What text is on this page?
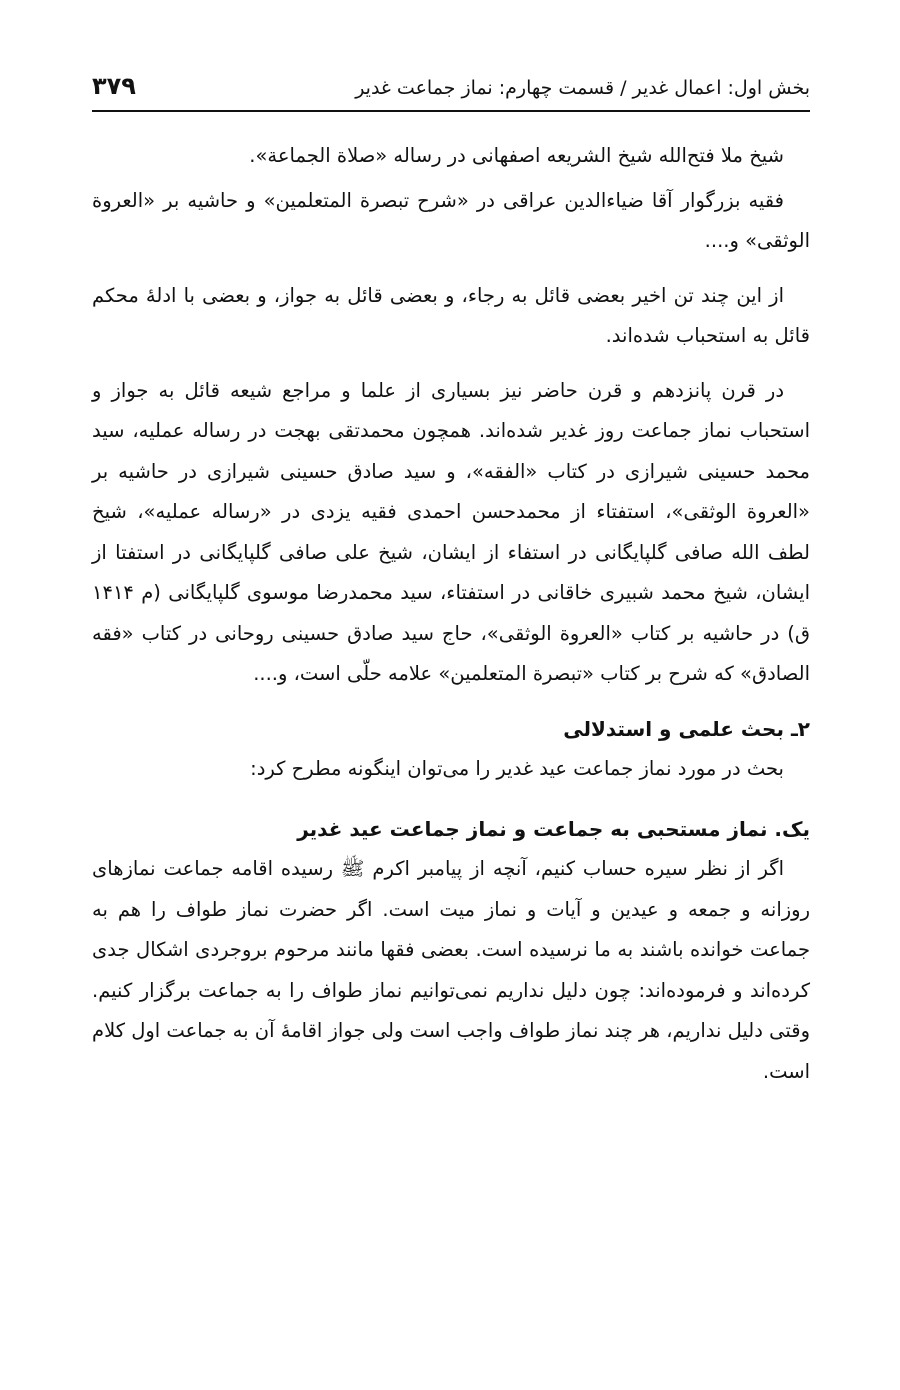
بخش اول: اعمال غدیر / قسمت چهارم: نماز جماعت غدیر
۳۷۹

شیخ ملا فتح‌الله شیخ الشریعه اصفهانی در رساله «صلاة الجماعة».

فقیه بزرگوار آقا ضیاءالدین عراقی در «شرح تبصرة المتعلمین» و حاشیه بر «العروة الوثقی» و....

از این چند تن اخیر بعضی قائل به رجاء، و بعضی قائل به جواز، و بعضی با ادلۀ محکم قائل به استحباب شده‌اند.

در قرن پانزدهم و قرن حاضر نیز بسیاری از علما و مراجع شیعه قائل به جواز و استحباب نماز جماعت روز غدیر شده‌اند. همچون محمدتقی بهجت در رساله عملیه، سید محمد حسینی شیرازی در کتاب «الفقه»، و سید صادق حسینی شیرازی در حاشیه بر «العروة الوثقی»، استفتاء از محمدحسن احمدی فقیه یزدی در «رساله عملیه»، شیخ لطف الله صافی گلپایگانی در استفاء از ایشان، شیخ علی صافی گلپایگانی در استفتا از ایشان، شیخ محمد شبیری خاقانی در استفتاء، سید محمدرضا موسوی گلپایگانی (م ۱۴۱۴ ق) در حاشیه بر کتاب «العروة الوثقی»، حاج سید صادق حسینی روحانی در کتاب «فقه الصادق» که شرح بر کتاب «تبصرة المتعلمین» علامه حلّی است، و....

۲ـ بحث علمی و استدلالی

بحث در مورد نماز جماعت عید غدیر را می‌توان اینگونه مطرح کرد:

یک. نماز مستحبی به جماعت و نماز جماعت عید غدیر

اگر از نظر سیره حساب کنیم، آنچه از پیامبر اکرم ﷺ رسیده اقامه جماعت نمازهای روزانه و جمعه و عیدین و آیات و نماز میت است. اگر حضرت نماز طواف را هم به جماعت خوانده باشند به ما نرسیده است. بعضی فقها مانند مرحوم بروجردی اشکال جدی کرده‌اند و فرموده‌اند: چون دلیل نداریم نمی‌توانیم نماز طواف را به جماعت برگزار کنیم. وقتی دلیل نداریم، هر چند نماز طواف واجب است ولی جواز اقامۀ آن به جماعت اول کلام است.
